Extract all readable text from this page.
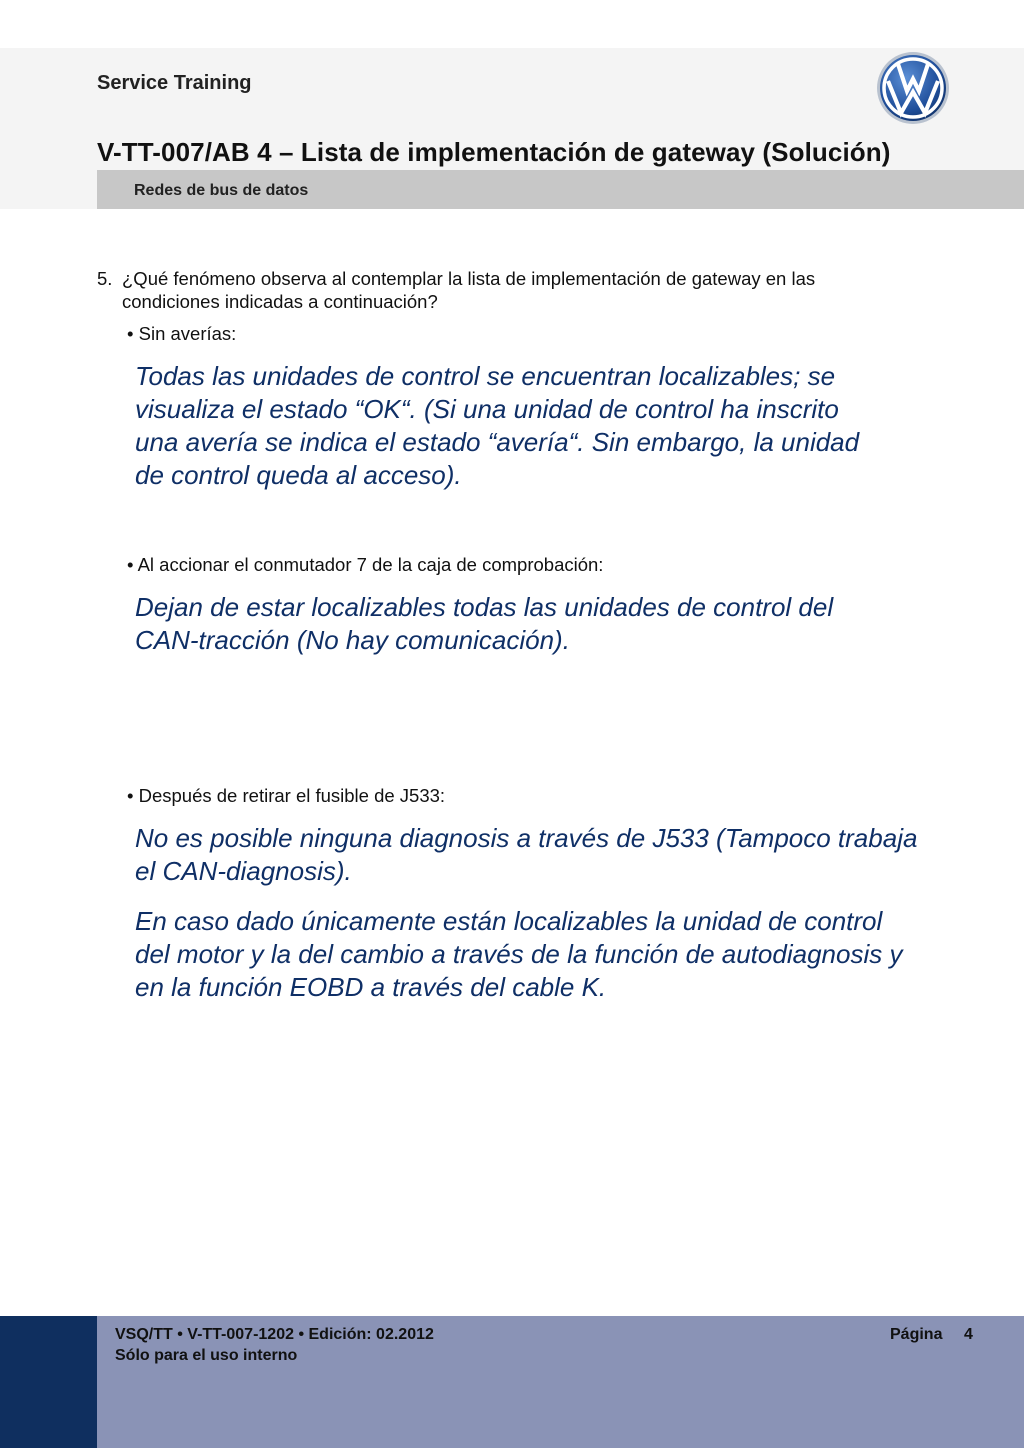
Service Training
V-TT-007/AB 4 – Lista de implementación de gateway (Solución)
Redes de bus de datos
5. ¿Qué fenómeno observa al contemplar la lista de implementación de gateway en las
condiciones indicadas a continuación?
• Sin averías:
Todas las unidades de control se encuentran localizables; se
visualiza el estado “OK“. (Si una unidad de control ha inscrito
una avería se indica el estado “avería“. Sin embargo, la unidad
de control queda al acceso).
• Al accionar el conmutador 7 de la caja de comprobación:
Dejan de estar localizables todas las unidades de control del
CAN-tracción (No hay comunicación).
• Después de retirar el fusible de J533:
No es posible ninguna diagnosis a través de J533 (Tampoco trabaja
el CAN-diagnosis).
En caso dado únicamente están localizables la unidad de control
del motor y la del cambio a través de la función de autodiagnosis y
en la función EOBD a través del cable K.
VSQ/TT • V-TT-007-1202 • Edición: 02.2012
Sólo para el uso interno
Página 4
